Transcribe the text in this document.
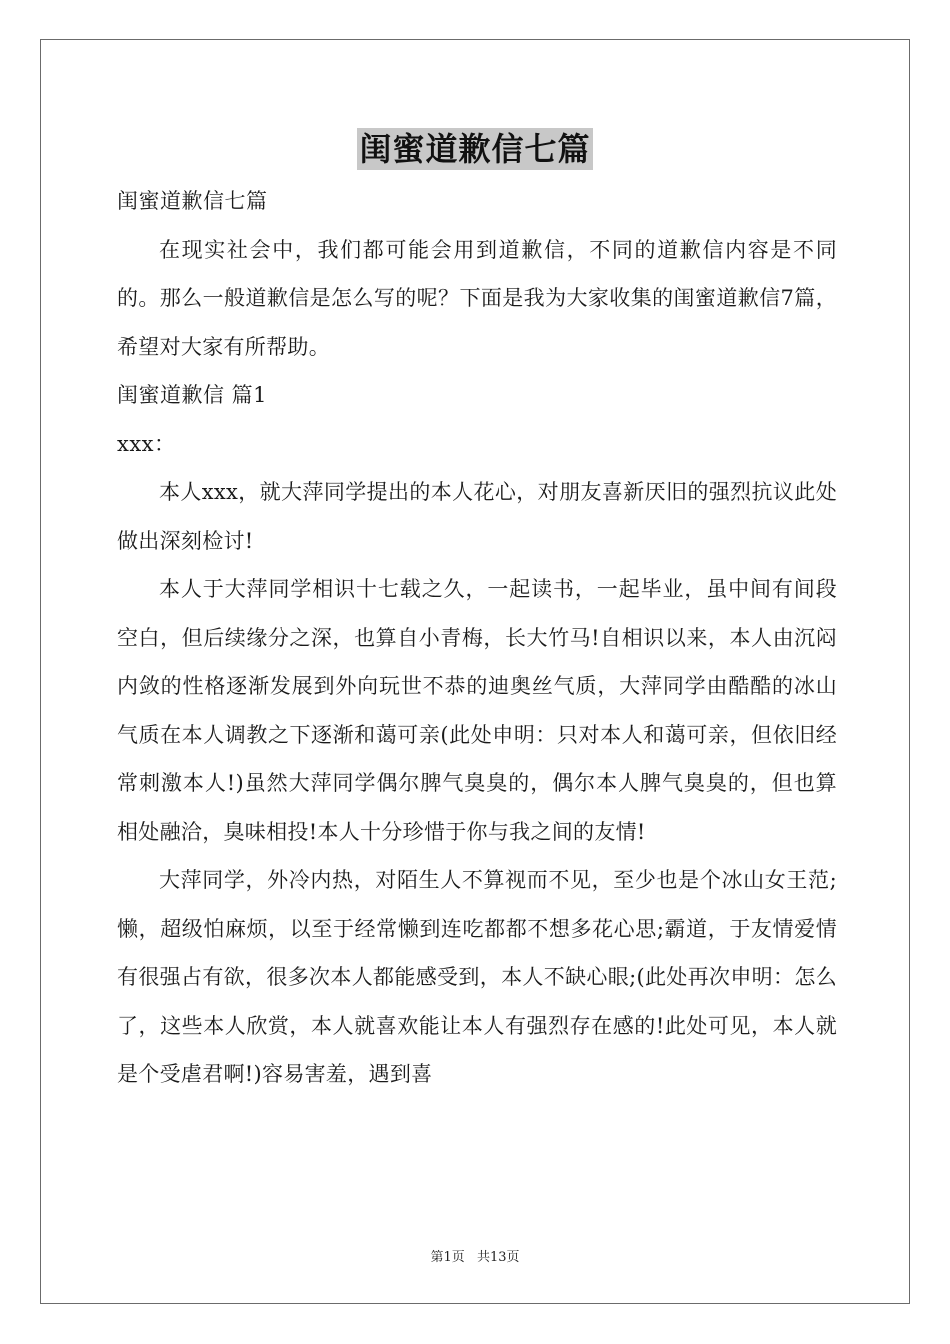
闺蜜道歉信七篇
闺蜜道歉信七篇

在现实社会中，我们都可能会用到道歉信，不同的道歉信内容是不同的。那么一般道歉信是怎么写的呢？下面是我为大家收集的闺蜜道歉信7篇，希望对大家有所帮助。

闺蜜道歉信 篇1
xxx：

本人xxx，就大萍同学提出的本人花心，对朋友喜新厌旧的强烈抗议此处做出深刻检讨!

本人于大萍同学相识十七载之久，一起读书，一起毕业，虽中间有间段空白，但后续缘分之深，也算自小青梅，长大竹马!自相识以来，本人由沉闷内敛的性格逐渐发展到外向玩世不恭的迪奥丝气质，大萍同学由酷酷的冰山气质在本人调教之下逐渐和蔼可亲(此处申明：只对本人和蔼可亲，但依旧经常刺激本人!)虽然大萍同学偶尔脾气臭臭的，偶尔本人脾气臭臭的，但也算相处融洽，臭味相投!本人十分珍惜于你与我之间的友情!

大萍同学，外冷内热，对陌生人不算视而不见，至少也是个冰山女王范;懒，超级怕麻烦，以至于经常懒到连吃都都不想多花心思;霸道，于友情爱情有很强占有欲，很多次本人都能感受到，本人不缺心眼;(此处再次申明：怎么了，这些本人欣赏，本人就喜欢能让本人有强烈存在感的!此处可见，本人就是个受虐君啊!)容易害羞，遇到喜

第1页 共13页
